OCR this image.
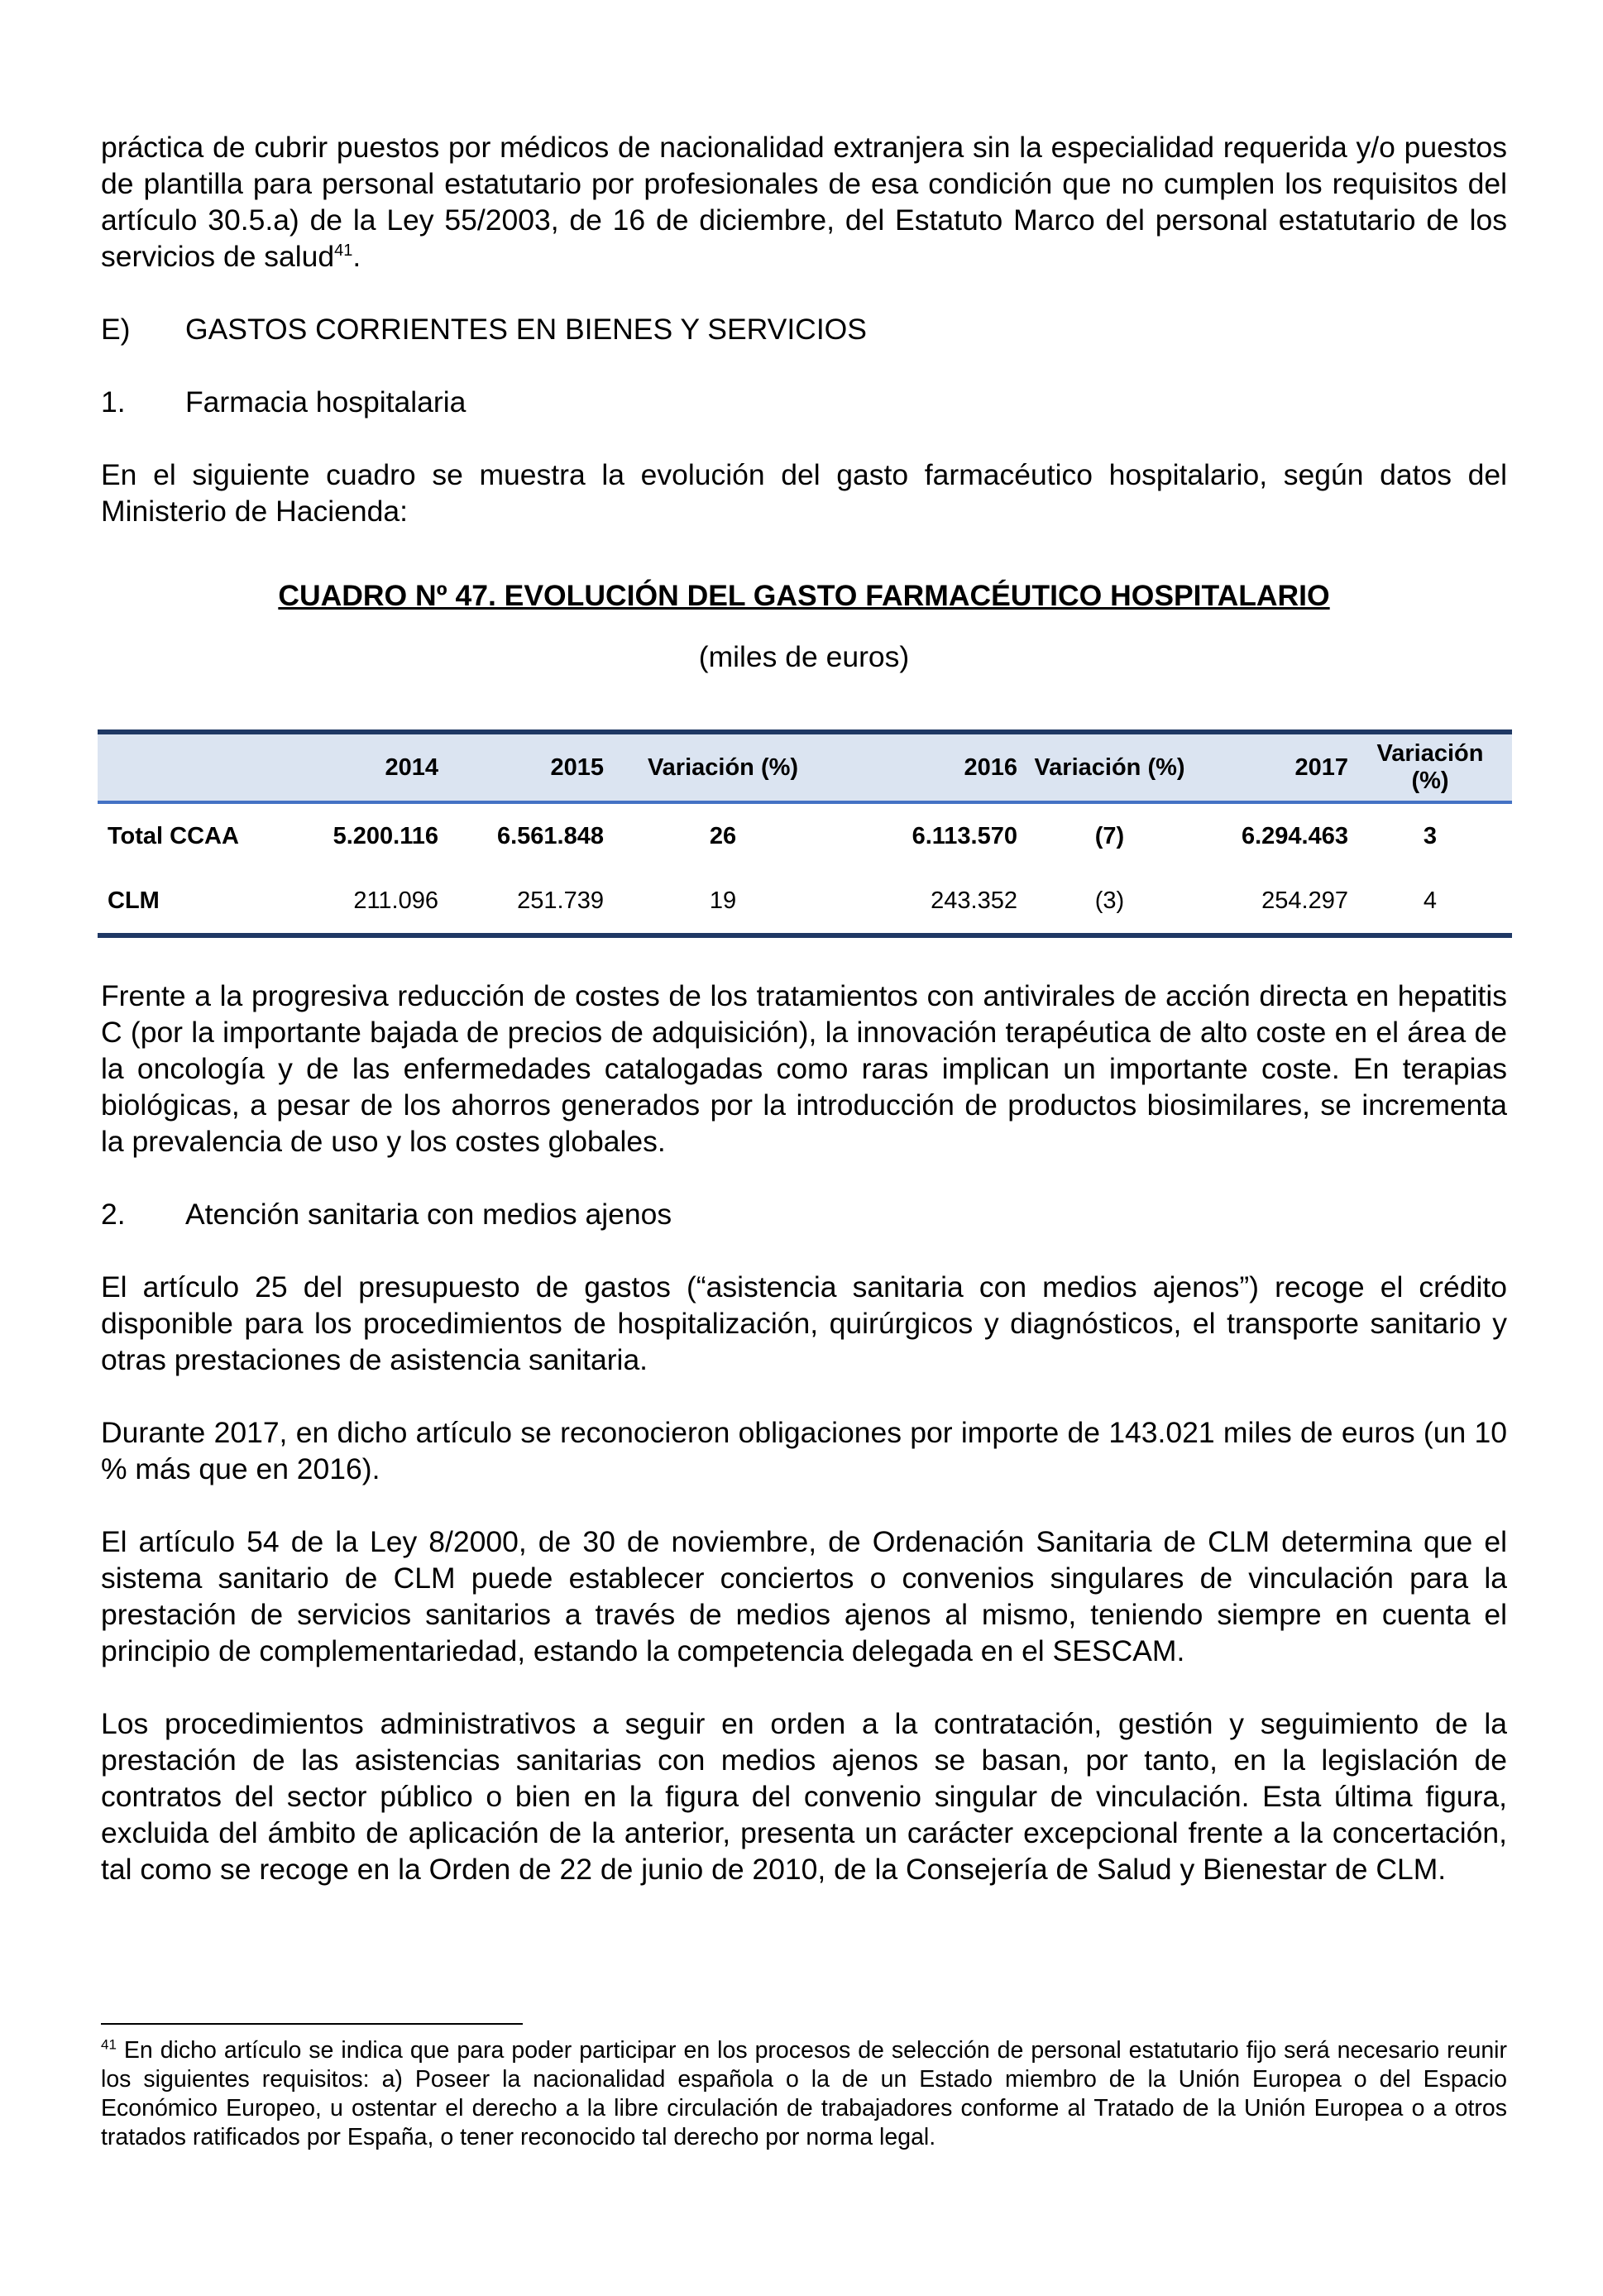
práctica de cubrir puestos por médicos de nacionalidad extranjera sin la especialidad requerida y/o puestos de plantilla para personal estatutario por profesionales de esa condición que no cumplen los requisitos del artículo 30.5.a) de la Ley 55/2003, de 16 de diciembre, del Estatuto Marco del personal estatutario de los servicios de salud$^{41}$.

E)	GASTOS CORRIENTES EN BIENES Y SERVICIOS

1.	Farmacia hospitalaria

En el siguiente cuadro se muestra la evolución del gasto farmacéutico hospitalario, según datos del Ministerio de Hacienda:

CUADRO Nº 47. EVOLUCIÓN DEL GASTO FARMACÉUTICO HOSPITALARIO

(miles de euros)

	2014	2015	Variación (%)	2016	Variación (%)	2017	Variación (%)
Total CCAA	5.200.116	6.561.848	26	6.113.570	(7)	6.294.463	3
CLM	211.096	251.739	19	243.352	(3)	254.297	4

Frente a la progresiva reducción de costes de los tratamientos con antivirales de acción directa en hepatitis C (por la importante bajada de precios de adquisición), la innovación terapéutica de alto coste en el área de la oncología y de las enfermedades catalogadas como raras implican un importante coste. En terapias biológicas, a pesar de los ahorros generados por la introducción de productos biosimilares, se incrementa la prevalencia de uso y los costes globales.

2.	Atención sanitaria con medios ajenos

El artículo 25 del presupuesto de gastos (“asistencia sanitaria con medios ajenos”) recoge el crédito disponible para los procedimientos de hospitalización, quirúrgicos y diagnósticos, el transporte sanitario y otras prestaciones de asistencia sanitaria.

Durante 2017, en dicho artículo se reconocieron obligaciones por importe de 143.021 miles de euros (un 10 % más que en 2016).

El artículo 54 de la Ley 8/2000, de 30 de noviembre, de Ordenación Sanitaria de CLM determina que el sistema sanitario de CLM puede establecer conciertos o convenios singulares de vinculación para la prestación de servicios sanitarios a través de medios ajenos al mismo, teniendo siempre en cuenta el principio de complementariedad, estando la competencia delegada en el SESCAM.

Los procedimientos administrativos a seguir en orden a la contratación, gestión y seguimiento de la prestación de las asistencias sanitarias con medios ajenos se basan, por tanto, en la legislación de contratos del sector público o bien en la figura del convenio singular de vinculación. Esta última figura, excluida del ámbito de aplicación de la anterior, presenta un carácter excepcional frente a la concertación, tal como se recoge en la Orden de 22 de junio de 2010, de la Consejería de Salud y Bienestar de CLM.

$^{41}$ En dicho artículo se indica que para poder participar en los procesos de selección de personal estatutario fijo será necesario reunir los siguientes requisitos: a) Poseer la nacionalidad española o la de un Estado miembro de la Unión Europea o del Espacio Económico Europeo, u ostentar el derecho a la libre circulación de trabajadores conforme al Tratado de la Unión Europea o a otros tratados ratificados por España, o tener reconocido tal derecho por norma legal.
